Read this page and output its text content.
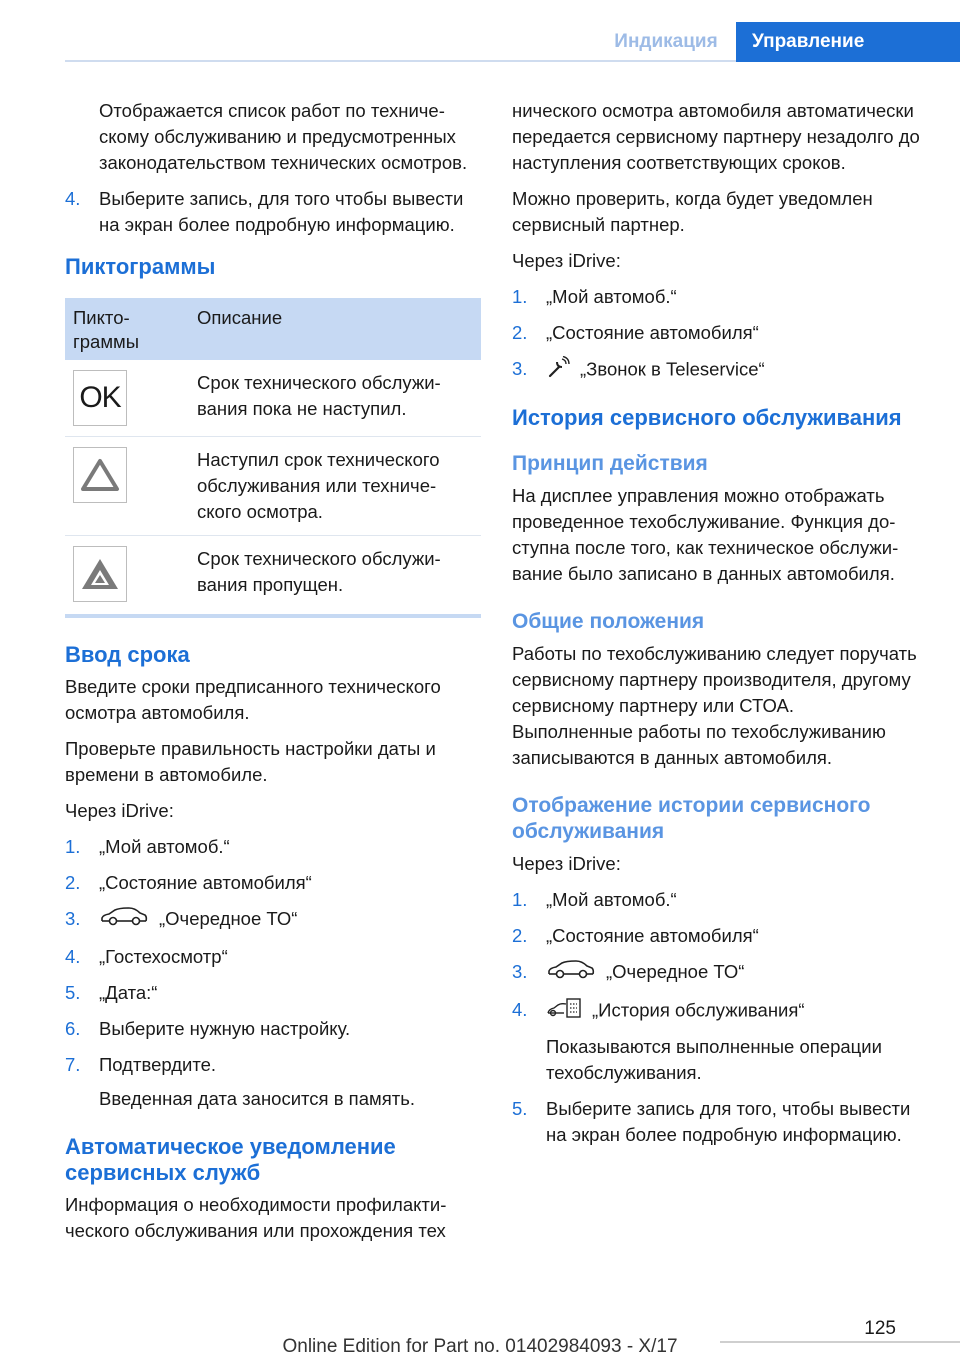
Индикация	Управление

Отображается список работ по техническому обслуживанию и предусмотренных законодательством технических осмотров.

4.	Выберите запись, для того чтобы вывести на экран более подробную информацию.
Пиктограммы
Пиктограммы	Описание

OK	Срок технического обслуживания пока не наступил.

	Наступил срок технического обслуживания или технического осмотра.

	Срок технического обслуживания пропущен.
Ввод срока

Введите сроки предписанного технического осмотра автомобиля.

Проверьте правильность настройки даты и времени в автомобиле.

Через iDrive:

1.	„Мой автомоб.“
2.	„Состояние автомобиля“
3.	„Очередное ТО“
4.	„Гостехосмотр“
5.	„Дата:“
6.	Выберите нужную настройку.
7.	Подтвердите.

Введенная дата заносится в память.

Автоматическое уведомление сервисных служб

Информация о необходимости профилактического обслуживания или прохождения тех

нического осмотра автомобиля автоматически передается сервисному партнеру незадолго до наступления соответствующих сроков.

Можно проверить, когда будет уведомлен сервисный партнер.

Через iDrive:

1.	„Мой автомоб.“
2.	„Состояние автомобиля“
3.	„Звонок в Teleservice“
История сервисного обслуживания
Принцип действия

На дисплее управления можно отображать проведенное техобслуживание. Функция доступна после того, как техническое обслуживание было записано в данных автомобиля.

Общие положения

Работы по техобслуживанию следует поручать сервисному партнеру производителя, другому сервисному партнеру или СТОА.

Выполненные работы по техобслуживанию записываются в данных автомобиля.

Отображение истории сервисного обслуживания

Через iDrive:

1.	„Мой автомоб.“
2.	„Состояние автомобиля“
3.	„Очередное ТО“
4.	„История обслуживания“

Показываются выполненные операции техобслуживания.

5.	Выберите запись для того, чтобы вывести на экран более подробную информацию.
125
Online Edition for Part no. 01402984093 - X/17
